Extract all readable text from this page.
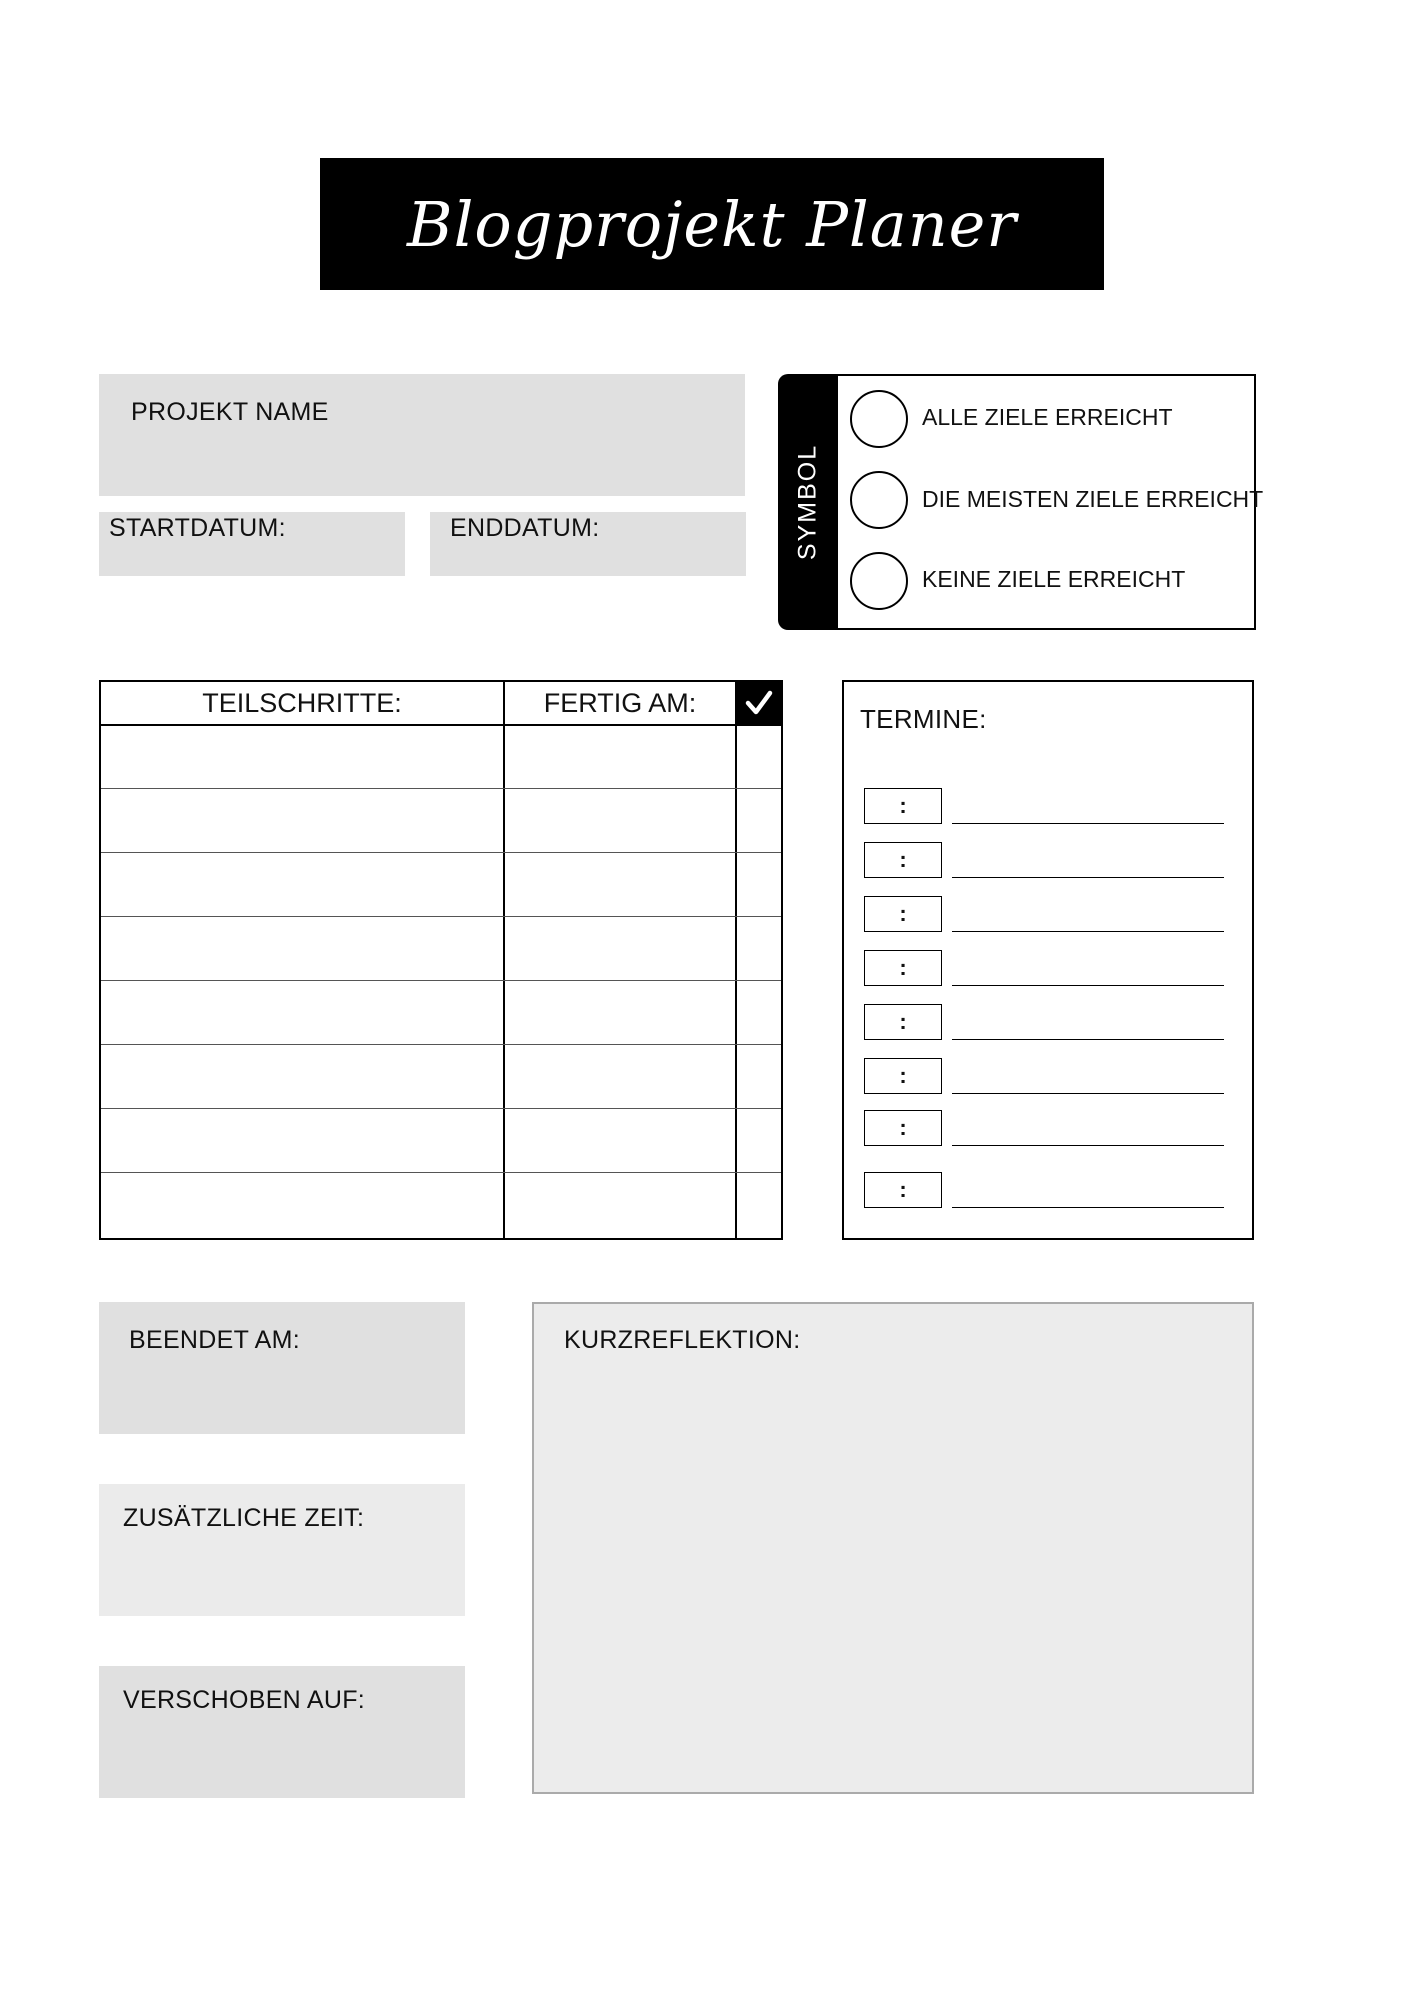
Blogprojekt Planer
PROJEKT NAME
STARTDATUM:	ENDDATUM:	SYMBOL
ALLE ZIELE ERREICHT
DIE MEISTEN ZIELE ERREICHT
KEINE ZIELE ERREICHT
TEILSCHRITTE:	FERTIG AM:
TERMINE:
:
:
:
:
:
:
:
:
BEENDET AM:
ZUSÄTZLICHE ZEIT:
VERSCHOBEN AUF:
KURZREFLEKTION:
